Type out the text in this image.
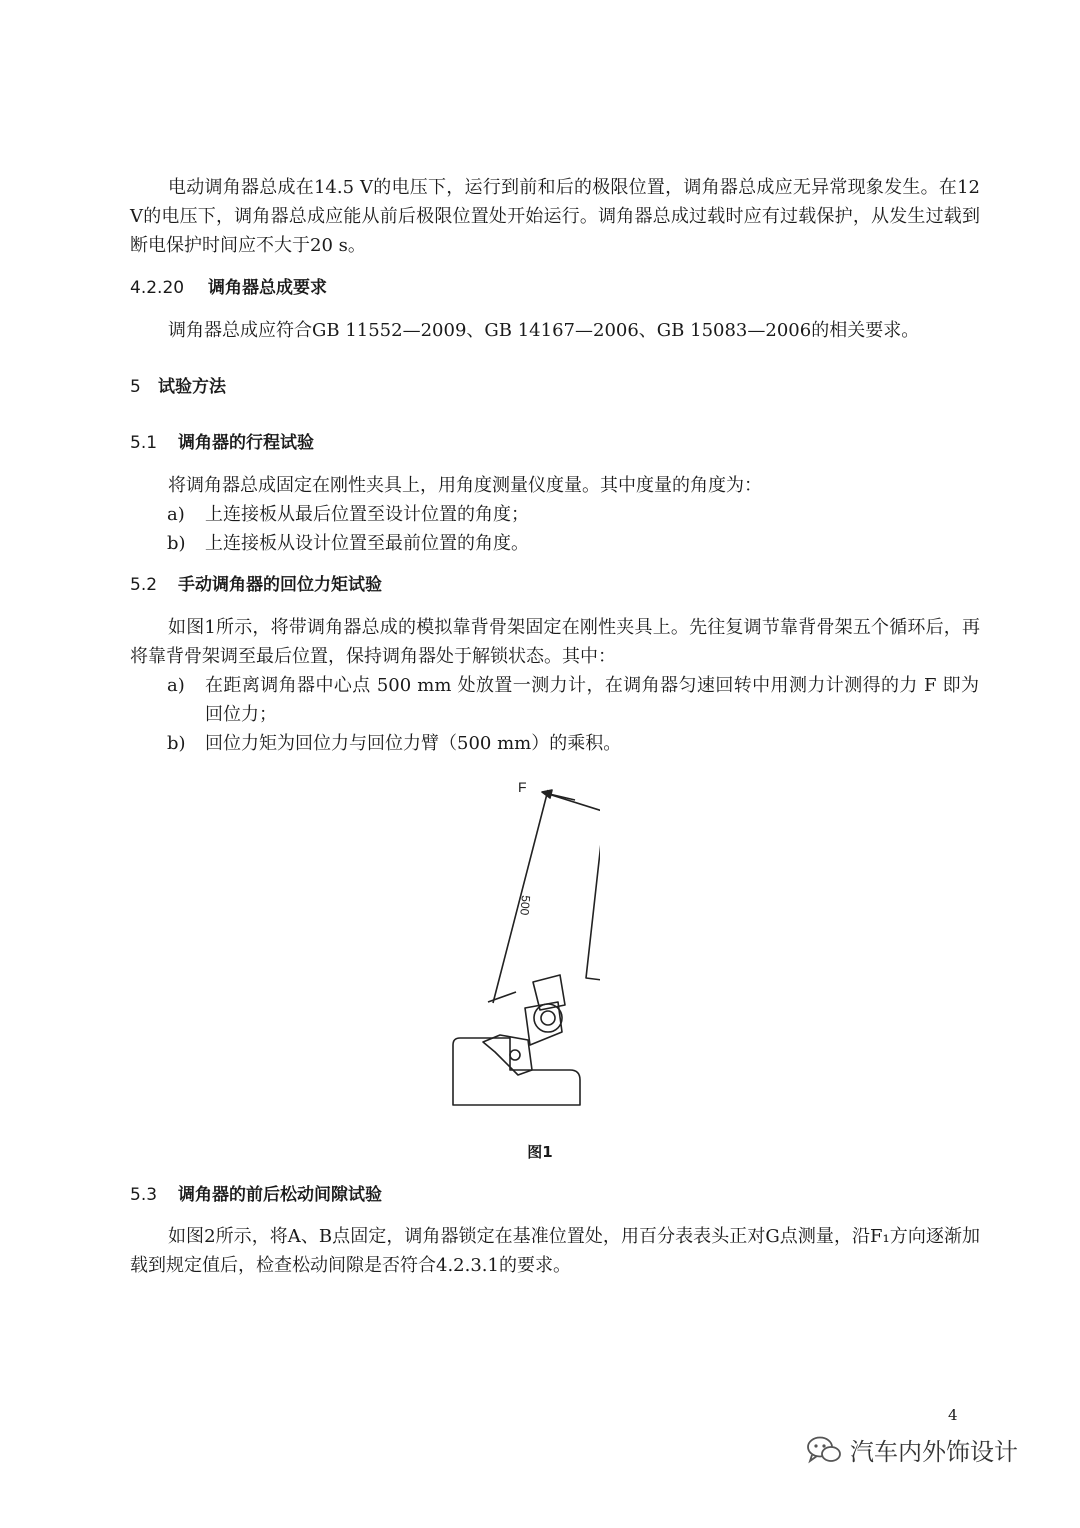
电动调角器总成在14.5 V的电压下，运行到前和后的极限位置，调角器总成应无异常现象发生。在12 V的电压下，调角器总成应能从前后极限位置处开始运行。调角器总成过载时应有过载保护，从发生过载到断电保护时间应不大于20 s。

4.2.20 调角器总成要求

调角器总成应符合GB 11552—2009、GB 14167—2006、GB 15083—2006的相关要求。

5 试验方法
5.1 调角器的行程试验

将调角器总成固定在刚性夹具上，用角度测量仪度量。其中度量的角度为：

a)	上连接板从最后位置至设计位置的角度；
b)	上连接板从设计位置至最前位置的角度。
5.2 手动调角器的回位力矩试验

如图1所示，将带调角器总成的模拟靠背骨架固定在刚性夹具上。先往复调节靠背骨架五个循环后，再将靠背骨架调至最后位置，保持调角器处于解锁状态。其中：

a)	在距离调角器中心点 500 mm 处放置一测力计，在调角器匀速回转中用测力计测得的力 F 即为回位力；
b)	回位力矩为回位力与回位力臂（500 mm）的乘积。
F
500
图1
5.3 调角器的前后松动间隙试验

如图2所示，将A、B点固定，调角器锁定在基准位置处，用百分表表头正对G点测量，沿F₁方向逐渐加载到规定值后，检查松动间隙是否符合4.2.3.1的要求。

4
汽车内外饰设计
